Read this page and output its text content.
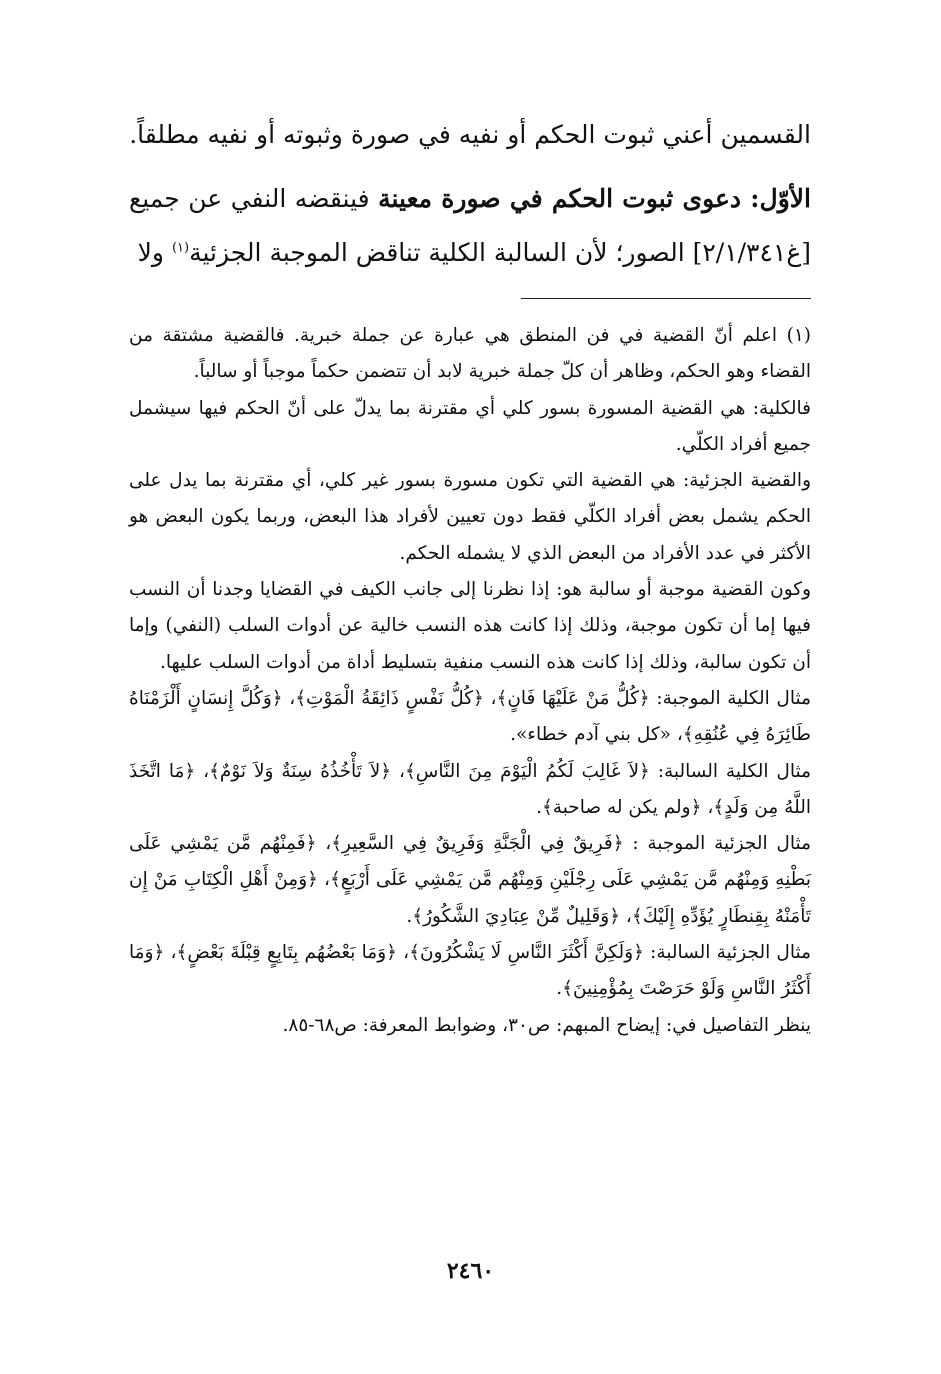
القسمين أعني ثبوت الحكم أو نفيه في صورة وثبوته أو نفيه مطلقاً.

الأوّل: دعوى ثبوت الحكم في صورة معينة فينقضه النفي عن جميع [غ٢/١/٣٤١] الصور؛ لأن السالبة الكلية تناقض الموجبة الجزئية$^{(١)}$ ولا

(١) اعلم أنّ القضية في فن المنطق هي عبارة عن جملة خبرية. فالقضية مشتقة من القضاء وهو الحكم، وظاهر أن كلّ جملة خبرية لابد أن تتضمن حكماً موجباً أو سالباً.

فالكلية: هي القضية المسورة بسور كلي أي مقترنة بما يدلّ على أنّ الحكم فيها سيشمل جميع أفراد الكلّي.

والقضية الجزئية: هي القضية التي تكون مسورة بسور غير كلي، أي مقترنة بما يدل على الحكم يشمل بعض أفراد الكلّي فقط دون تعيين لأفراد هذا البعض، وربما يكون البعض هو الأكثر في عدد الأفراد من البعض الذي لا يشمله الحكم.

وكون القضية موجبة أو سالبة هو: إذا نظرنا إلى جانب الكيف في القضايا وجدنا أن النسب فيها إما أن تكون موجبة، وذلك إذا كانت هذه النسب خالية عن أدوات السلب (النفي) وإما أن تكون سالبة، وذلك إذا كانت هذه النسب منفية بتسليط أداة من أدوات السلب عليها.

مثال الكلية الموجبة: ﴿كُلُّ مَنْ عَلَيْهَا فَانٍ﴾، ﴿كُلُّ نَفْسٍ ذَائِقَةُ الْمَوْتِ﴾، ﴿وَكُلَّ إِنسَانٍ أَلْزَمْنَاهُ طَائِرَهُ فِي عُنُقِهِ﴾، «كل بني آدم خطاء».

مثال الكلية السالبة: ﴿لاَ غَالِبَ لَكُمُ الْيَوْمَ مِنَ النَّاسِ﴾، ﴿لاَ تَأْخُذُهُ سِنَةٌ وَلاَ نَوْمٌ﴾، ﴿مَا اتَّخَذَ اللَّهُ مِن وَلَدٍ﴾، ﴿ولم يكن له صاحبة﴾.

مثال الجزئية الموجبة : ﴿فَرِيقٌ فِي الْجَنَّةِ وَفَرِيقٌ فِي السَّعِيرِ﴾، ﴿فَمِنْهُم مَّن يَمْشِي عَلَى بَطْنِهِ وَمِنْهُم مَّن يَمْشِي عَلَى رِجْلَيْنِ وَمِنْهُم مَّن يَمْشِي عَلَى أَرْبَعٍ﴾، ﴿وَمِنْ أَهْلِ الْكِتَابِ مَنْ إِن تَأْمَنْهُ بِقِنطَارٍ يُؤَدِّهِ إِلَيْكَ﴾، ﴿وَقَلِيلٌ مِّنْ عِبَادِيَ الشَّكُورُ﴾.

مثال الجزئية السالبة: ﴿وَلَكِنَّ أَكْثَرَ النَّاسِ لَا يَشْكُرُونَ﴾، ﴿وَمَا بَعْضُهُم بِتَابِعٍ قِبْلَةَ بَعْضٍ﴾، ﴿وَمَا أَكْثَرُ النَّاسِ وَلَوْ حَرَصْتَ بِمُؤْمِنِينَ﴾.

ينظر التفاصيل في: إيضاح المبهم: ص٣٠، وضوابط المعرفة: ص٦٨-٨٥.

٢٤٦٠
